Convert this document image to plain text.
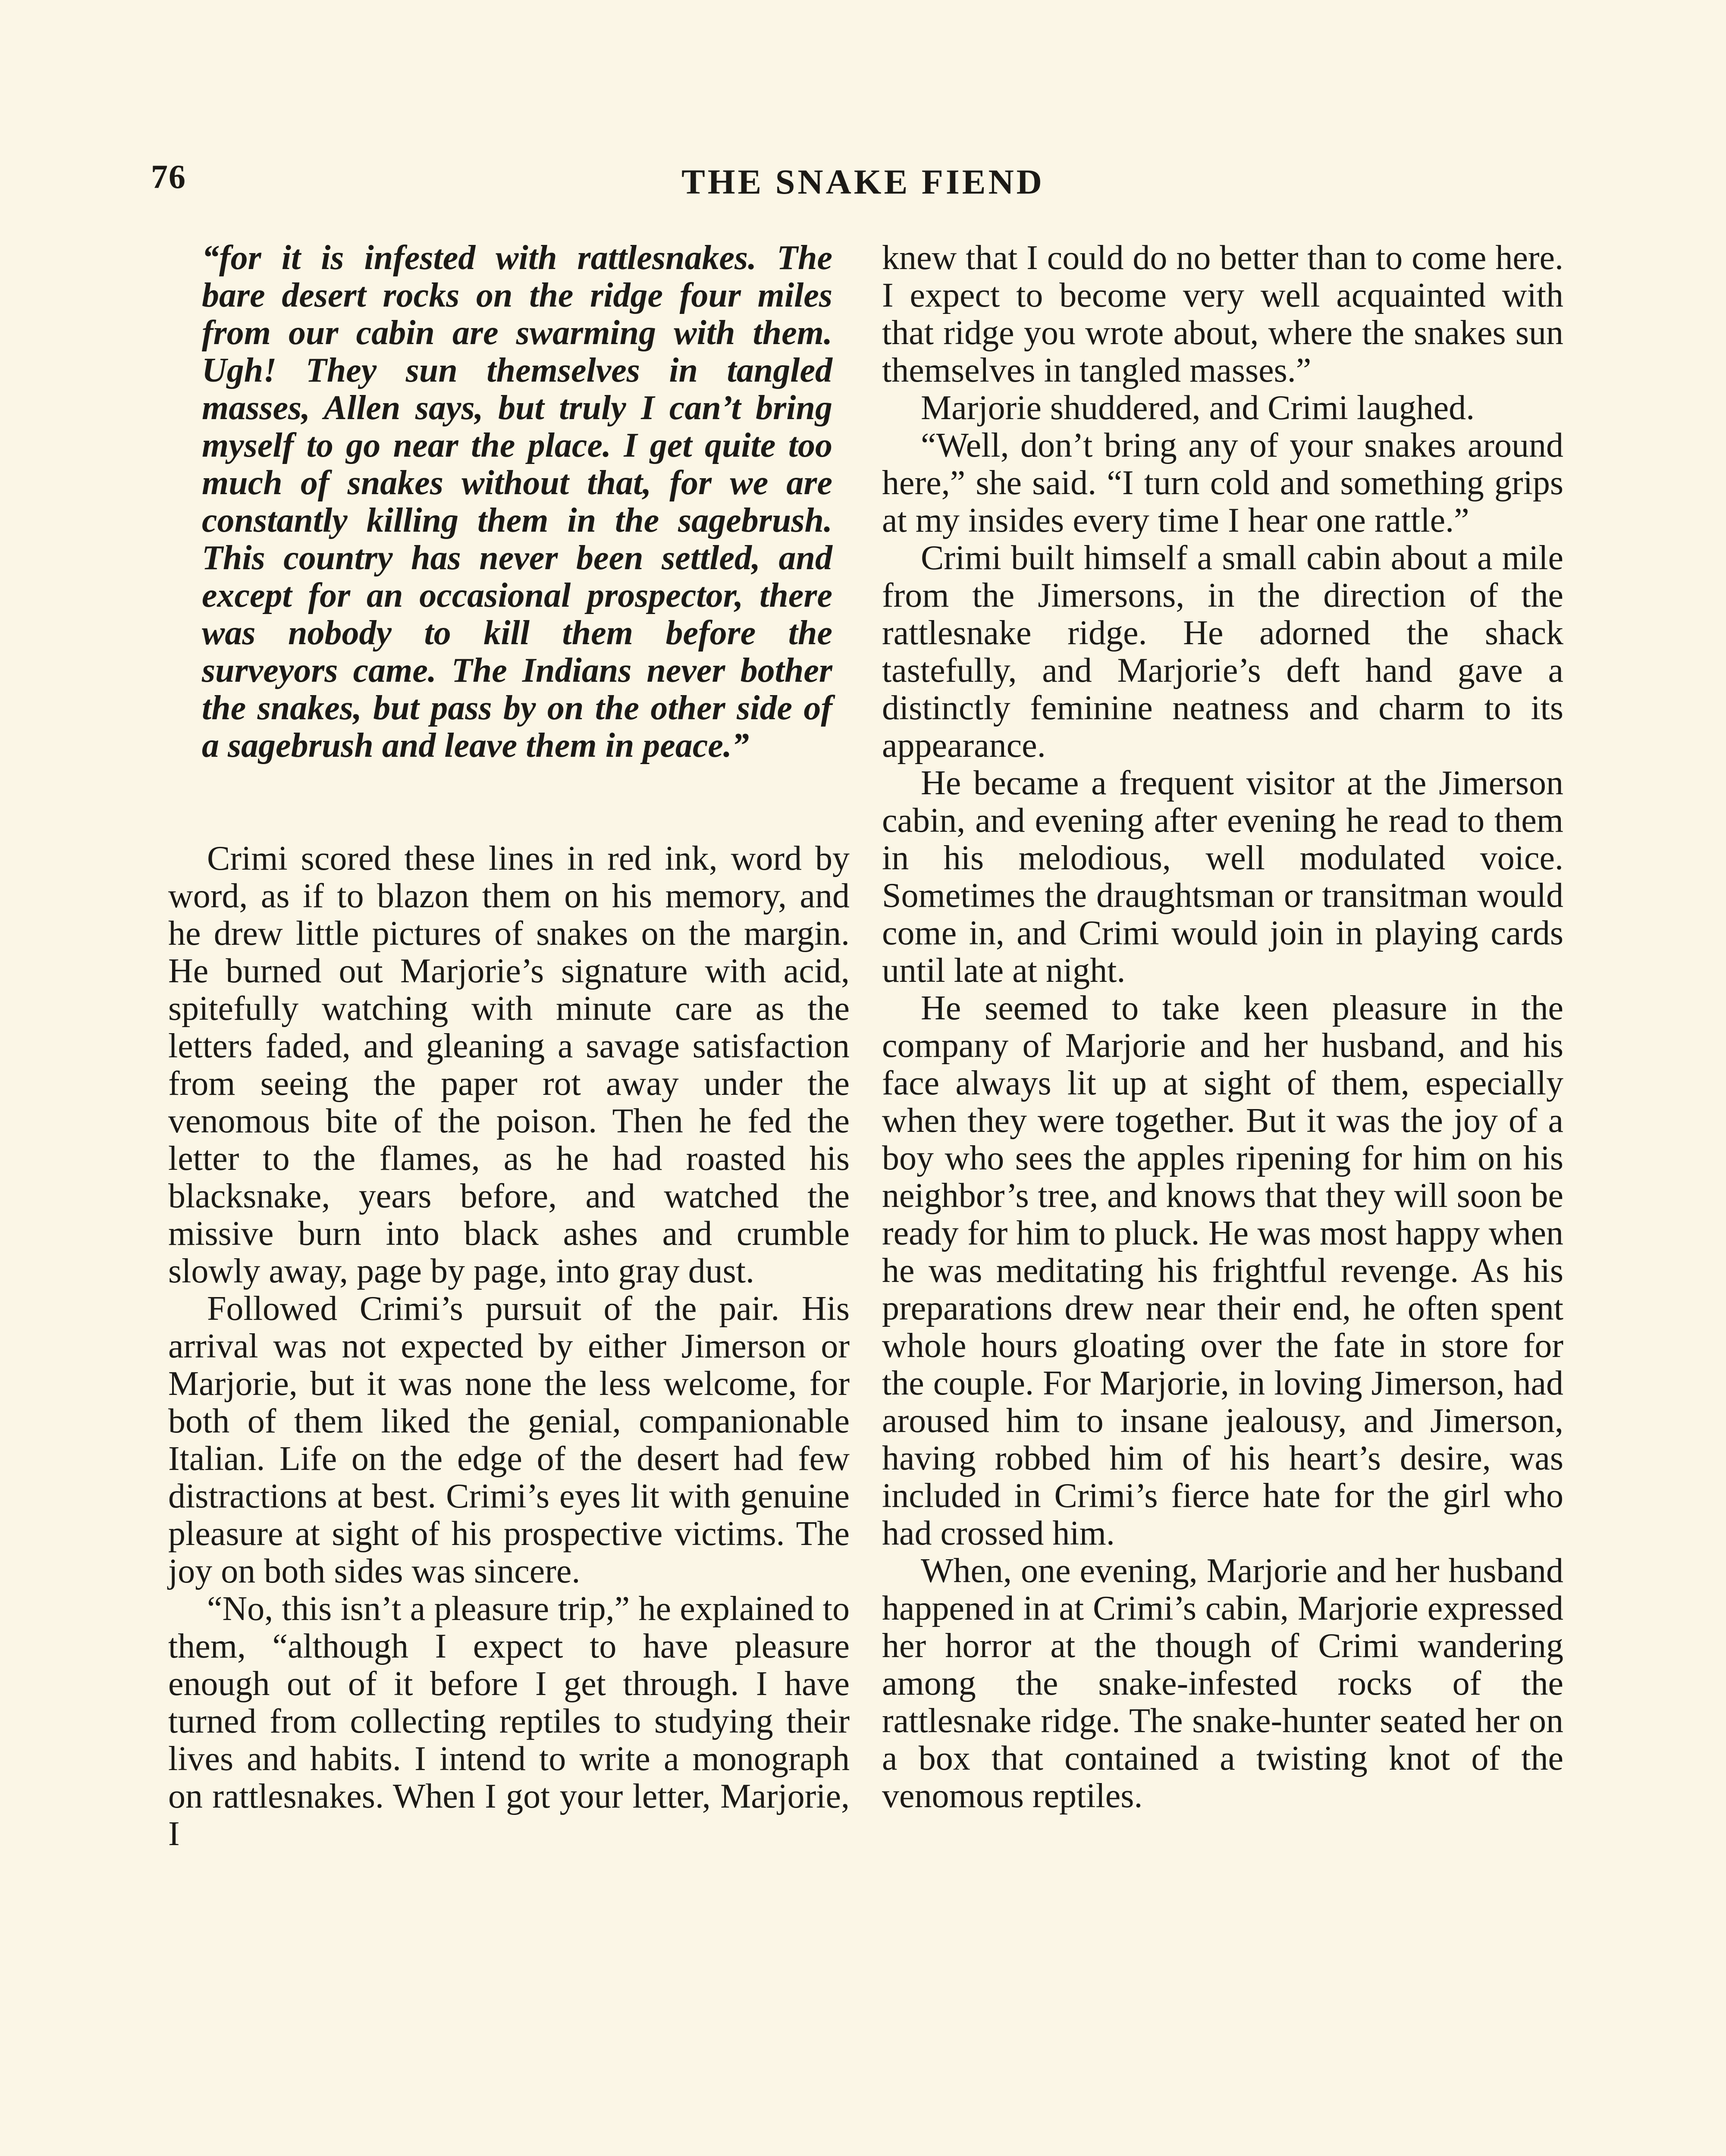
76	THE SNAKE FIEND

“for it is infested with rattlesnakes. The bare desert rocks on the ridge four miles from our cabin are swarming with them. Ugh! They sun themselves in tangled masses, Allen says, but truly I can’t bring myself to go near the place. I get quite too much of snakes without that, for we are constantly killing them in the sagebrush. This country has never been settled, and except for an occasional prospector, there was nobody to kill them before the surveyors came. The Indians never bother the snakes, but pass by on the other side of a sagebrush and leave them in peace.”

Crimi scored these lines in red ink, word by word, as if to blazon them on his memory, and he drew little pictures of snakes on the margin. He burned out Marjorie’s signature with acid, spitefully watching with minute care as the letters faded, and gleaning a savage satisfaction from seeing the paper rot away under the venomous bite of the poison. Then he fed the letter to the flames, as he had roasted his blacksnake, years before, and watched the missive burn into black ashes and crumble slowly away, page by page, into gray dust.

Followed Crimi’s pursuit of the pair. His arrival was not expected by either Jimerson or Marjorie, but it was none the less welcome, for both of them liked the genial, companionable Italian. Life on the edge of the desert had few distractions at best. Crimi’s eyes lit with genuine pleasure at sight of his prospective victims. The joy on both sides was sincere.

“No, this isn’t a pleasure trip,” he explained to them, “although I expect to have pleasure enough out of it before I get through. I have turned from collecting reptiles to studying their lives and habits. I intend to write a monograph on rattlesnakes. When I got your letter, Marjorie, I

knew that I could do no better than to come here. I expect to become very well acquainted with that ridge you wrote about, where the snakes sun themselves in tangled masses.”

Marjorie shuddered, and Crimi laughed.

“Well, don’t bring any of your snakes around here,” she said. “I turn cold and something grips at my insides every time I hear one rattle.”

Crimi built himself a small cabin about a mile from the Jimersons, in the direction of the rattlesnake ridge. He adorned the shack tastefully, and Marjorie’s deft hand gave a distinctly feminine neatness and charm to its appearance.

He became a frequent visitor at the Jimerson cabin, and evening after evening he read to them in his melodious, well modulated voice. Sometimes the draughtsman or transitman would come in, and Crimi would join in playing cards until late at night.

He seemed to take keen pleasure in the company of Marjorie and her husband, and his face always lit up at sight of them, especially when they were together. But it was the joy of a boy who sees the apples ripening for him on his neighbor’s tree, and knows that they will soon be ready for him to pluck. He was most happy when he was meditating his frightful revenge. As his preparations drew near their end, he often spent whole hours gloating over the fate in store for the couple. For Marjorie, in loving Jimerson, had aroused him to insane jealousy, and Jimerson, having robbed him of his heart’s desire, was included in Crimi’s fierce hate for the girl who had crossed him.

When, one evening, Marjorie and her husband happened in at Crimi’s cabin, Marjorie expressed her horror at the though of Crimi wandering among the snake-infested rocks of the rattlesnake ridge. The snake-hunter seated her on a box that contained a twisting knot of the venomous reptiles.
